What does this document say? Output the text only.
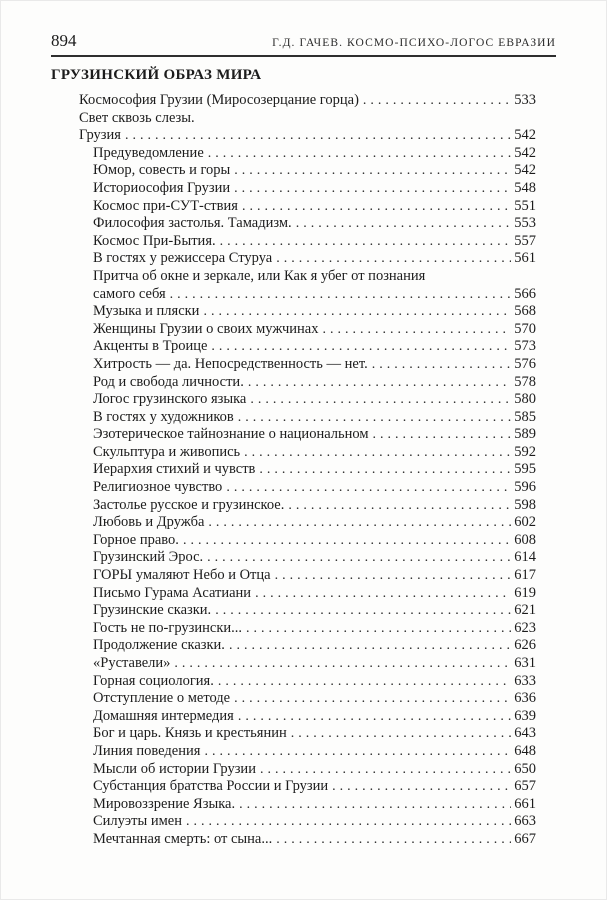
894	Г.Д. ГАЧЕВ. КОСМО-ПСИХО-ЛОГОС ЕВРАЗИИ
ГРУЗИНСКИЙ ОБРАЗ МИРА
Космософия Грузии (Миросозерцание горца) .....	533
Свет сквозь слезы.
Грузия .....	542
Предуведомление .....	542
Юмор, совесть и горы .....	542
Историософия Грузии .....	548
Космос при-СУТ-ствия .....	551
Философия застолья. Тамадизм. .....	553
Космос При-Бытия. .....	557
В гостях у режиссера Стуруа .....	561
Притча об окне и зеркале, или Как я убег от познания
самого себя .....	566
Музыка и пляски .....	568
Женщины Грузии о своих мужчинах .....	570
Акценты в Троице .....	573
Хитрость — да. Непосредственность — нет. .....	576
Род и свобода личности. .....	578
Логос грузинского языка .....	580
В гостях у художников .....	585
Эзотерическое тайнознание о национальном .....	589
Скульптура и живопись .....	592
Иерархия стихий и чувств .....	595
Религиозное чувство .....	596
Застолье русское и грузинское. .....	598
Любовь и Дружба .....	602
Горное право. .....	608
Грузинский Эрос. .....	614
ГОРЫ умаляют Небо и Отца .....	617
Письмо Гурама Асатиани .....	619
Грузинские сказки. .....	621
Гость не по-грузински... .....	623
Продолжение сказки. .....	626
«Руставели» .....	631
Горная социология. .....	633
Отступление о методе .....	636
Домашняя интермедия .....	639
Бог и царь. Князь и крестьянин .....	643
Линия поведения .....	648
Мысли об истории Грузии .....	650
Субстанция братства России и Грузии .....	657
Мировоззрение Языка. .....	661
Силуэты имен .....	663
Мечтанная смерть: от сына... .....	667
